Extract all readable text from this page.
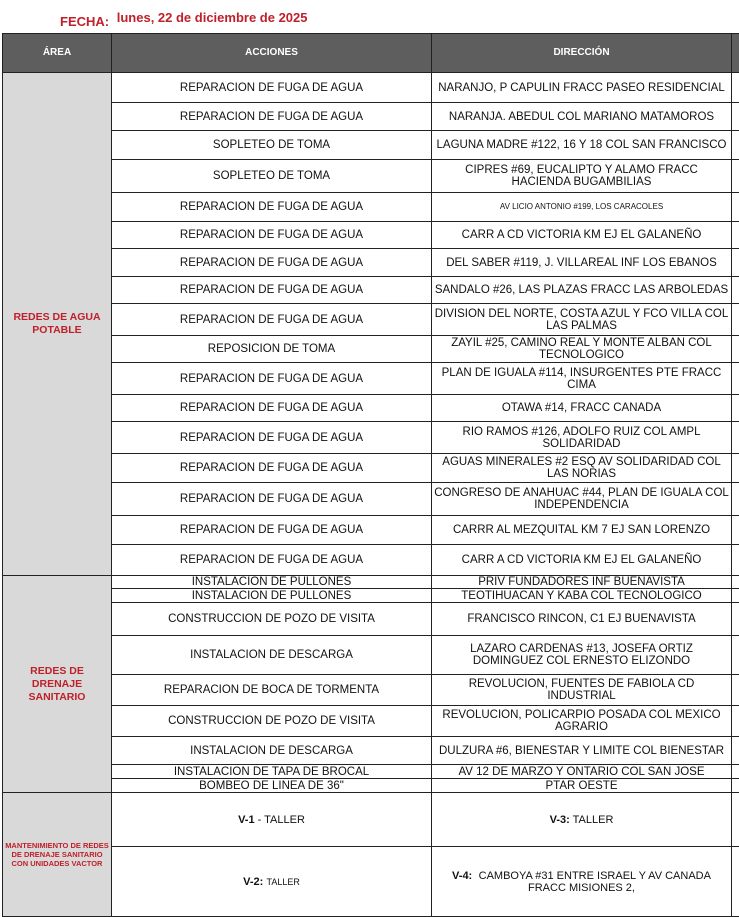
FECHA: lunes, 22 de diciembre de 2025
ÁREA	ACCIONES	DIRECCIÓN	
REDES DE AGUA POTABLE	REPARACION DE FUGA DE AGUA	NARANJO, P CAPULIN FRACC PASEO RESIDENCIAL	
	REPARACION DE FUGA DE AGUA	NARANJA. ABEDUL COL MARIANO MATAMOROS	
	SOPLETEO DE TOMA	LAGUNA MADRE #122, 16 Y 18 COL SAN FRANCISCO	
	SOPLETEO DE TOMA	CIPRES #69, EUCALIPTO Y ALAMO FRACC HACIENDA BUGAMBILIAS	
	REPARACION DE FUGA DE AGUA	AV LICIO ANTONIO #199, LOS CARACOLES	
	REPARACION DE FUGA DE AGUA	CARR A CD VICTORIA KM EJ EL GALANEÑO	
	REPARACION DE FUGA DE AGUA	DEL SABER #119, J. VILLAREAL INF LOS EBANOS	
	REPARACION DE FUGA DE AGUA	SANDALO #26, LAS PLAZAS FRACC LAS ARBOLEDAS	
	REPARACION DE FUGA DE AGUA	DIVISION DEL NORTE, COSTA AZUL Y FCO VILLA COL LAS PALMAS	
	REPOSICION DE TOMA	ZAYIL #25, CAMINO REAL Y MONTE ALBAN COL TECNOLOGICO	
	REPARACION DE FUGA DE AGUA	PLAN DE IGUALA #114, INSURGENTES PTE FRACC CIMA	
	REPARACION DE FUGA DE AGUA	OTAWA #14, FRACC CANADA	
	REPARACION DE FUGA DE AGUA	RIO RAMOS #126, ADOLFO RUIZ COL AMPL SOLIDARIDAD	
	REPARACION DE FUGA DE AGUA	AGUAS MINERALES #2 ESQ AV SOLIDARIDAD COL LAS NORIAS	
	REPARACION DE FUGA DE AGUA	CONGRESO DE ANAHUAC #44, PLAN DE IGUALA COL INDEPENDENCIA	
	REPARACION DE FUGA DE AGUA	CARRR AL MEZQUITAL KM 7 EJ SAN LORENZO	
	REPARACION DE FUGA DE AGUA	CARR A CD VICTORIA KM EJ EL GALANEÑO	
REDES DE DRENAJE SANITARIO	INSTALACION DE PULLONES	PRIV FUNDADORES INF BUENAVISTA	
	INSTALACION DE PULLONES	TEOTIHUACAN Y KABA COL TECNOLOGICO	
	CONSTRUCCION DE POZO DE VISITA	FRANCISCO RINCON, C1 EJ BUENAVISTA	
	INSTALACION DE DESCARGA	LAZARO CARDENAS #13, JOSEFA ORTIZ DOMINGUEZ COL ERNESTO ELIZONDO	
	REPARACION DE BOCA DE TORMENTA	REVOLUCION, FUENTES DE FABIOLA CD INDUSTRIAL	
	CONSTRUCCION DE POZO DE VISITA	REVOLUCION, POLICARPIO POSADA COL MEXICO AGRARIO	
	INSTALACION DE DESCARGA	DULZURA #6, BIENESTAR Y LIMITE COL BIENESTAR	
	INSTALACION DE TAPA DE BROCAL	AV 12 DE MARZO Y ONTARIO COL SAN JOSE	
	BOMBEO DE LINEA DE 36"	PTAR OESTE	
MANTENIMIENTO DE REDES DE DRENAJE SANITARIO CON UNIDADES VACTOR	V-1 - TALLER	V-3: TALLER	
	V-2: TALLER	V-4: CAMBOYA #31 ENTRE ISRAEL Y AV CANADA FRACC MISIONES 2,	
